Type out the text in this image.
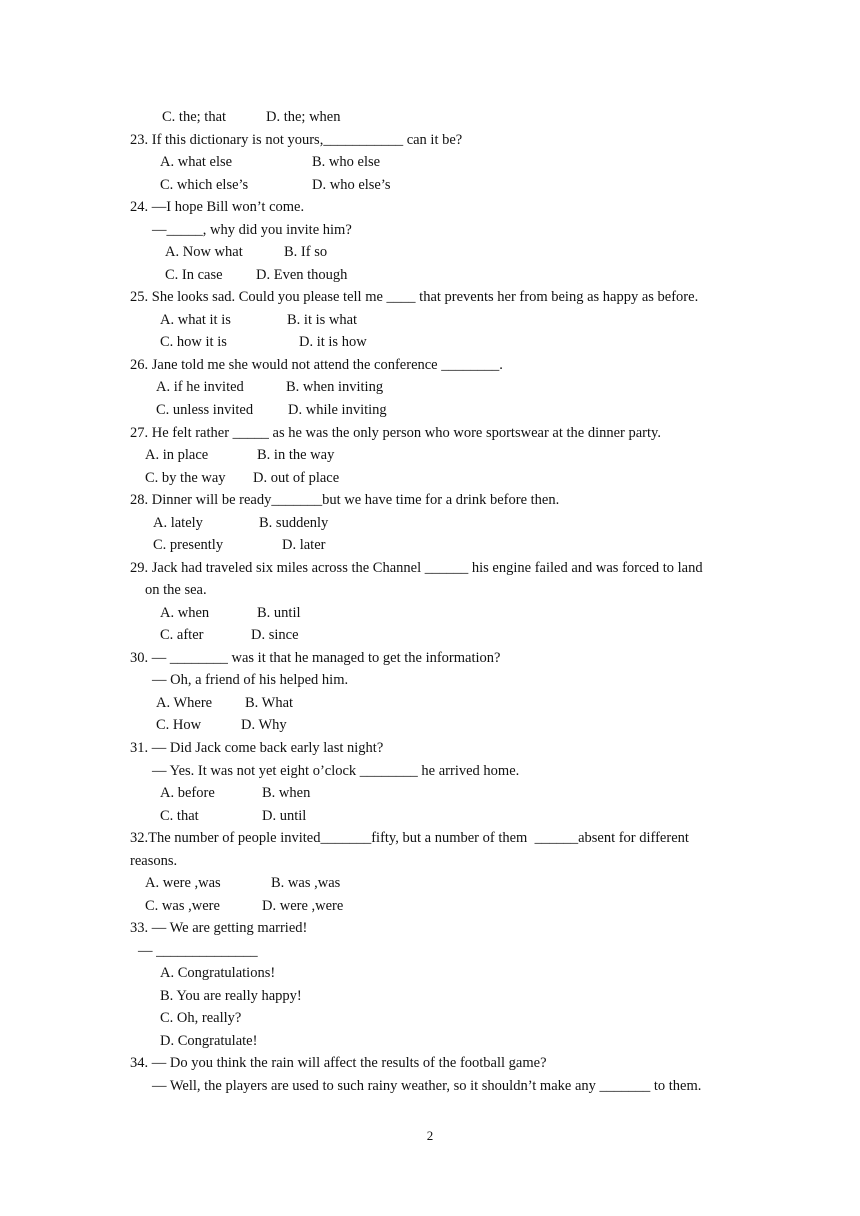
C. the; that	D. the; when
23. If this dictionary is not yours,___________ can it be?
A. what else	B. who else
C. which else’s	D. who else’s
24. —I hope Bill won’t come.
—_____, why did you invite him?
A. Now what	B. If so
C. In case D. Even though
25. She looks sad. Could you please tell me ____ that prevents her from being as happy as before.
A. what it is	B. it is what
C. how it is	D. it is how
26. Jane told me she would not attend the conference ________.
A. if he invited	B. when inviting
C. unless invited D. while inviting
27. He felt rather _____ as he was the only person who wore sportswear at the dinner party.
A. in place	B. in the way
C. by the way D. out of place
28. Dinner will be ready_______but we have time for a drink before then.
A. lately	B. suddenly
C. presently	D. later
29. Jack had traveled six miles across the Channel ______ his engine failed and was forced to land
on the sea.
A. when	B. until
C. after	D. since
30. — ________ was it that he managed to get the information?
— Oh, a friend of his helped him.
A. Where B. What
C. How	D. Why
31. — Did Jack come back early last night?
— Yes. It was not yet eight o’clock ________ he arrived home.
A. before	B. when
C. that	D. until
32.The number of people invited_______fifty, but a number of them  ______absent for different
reasons.
A. were ,was	B. was ,was
C. was ,were	D. were ,were
33. — We are getting married!
— ______________
A. Congratulations!
B. You are really happy!
C. Oh, really?
D. Congratulate!
34. — Do you think the rain will affect the results of the football game?
— Well, the players are used to such rainy weather, so it shouldn’t make any _______ to them.
2
